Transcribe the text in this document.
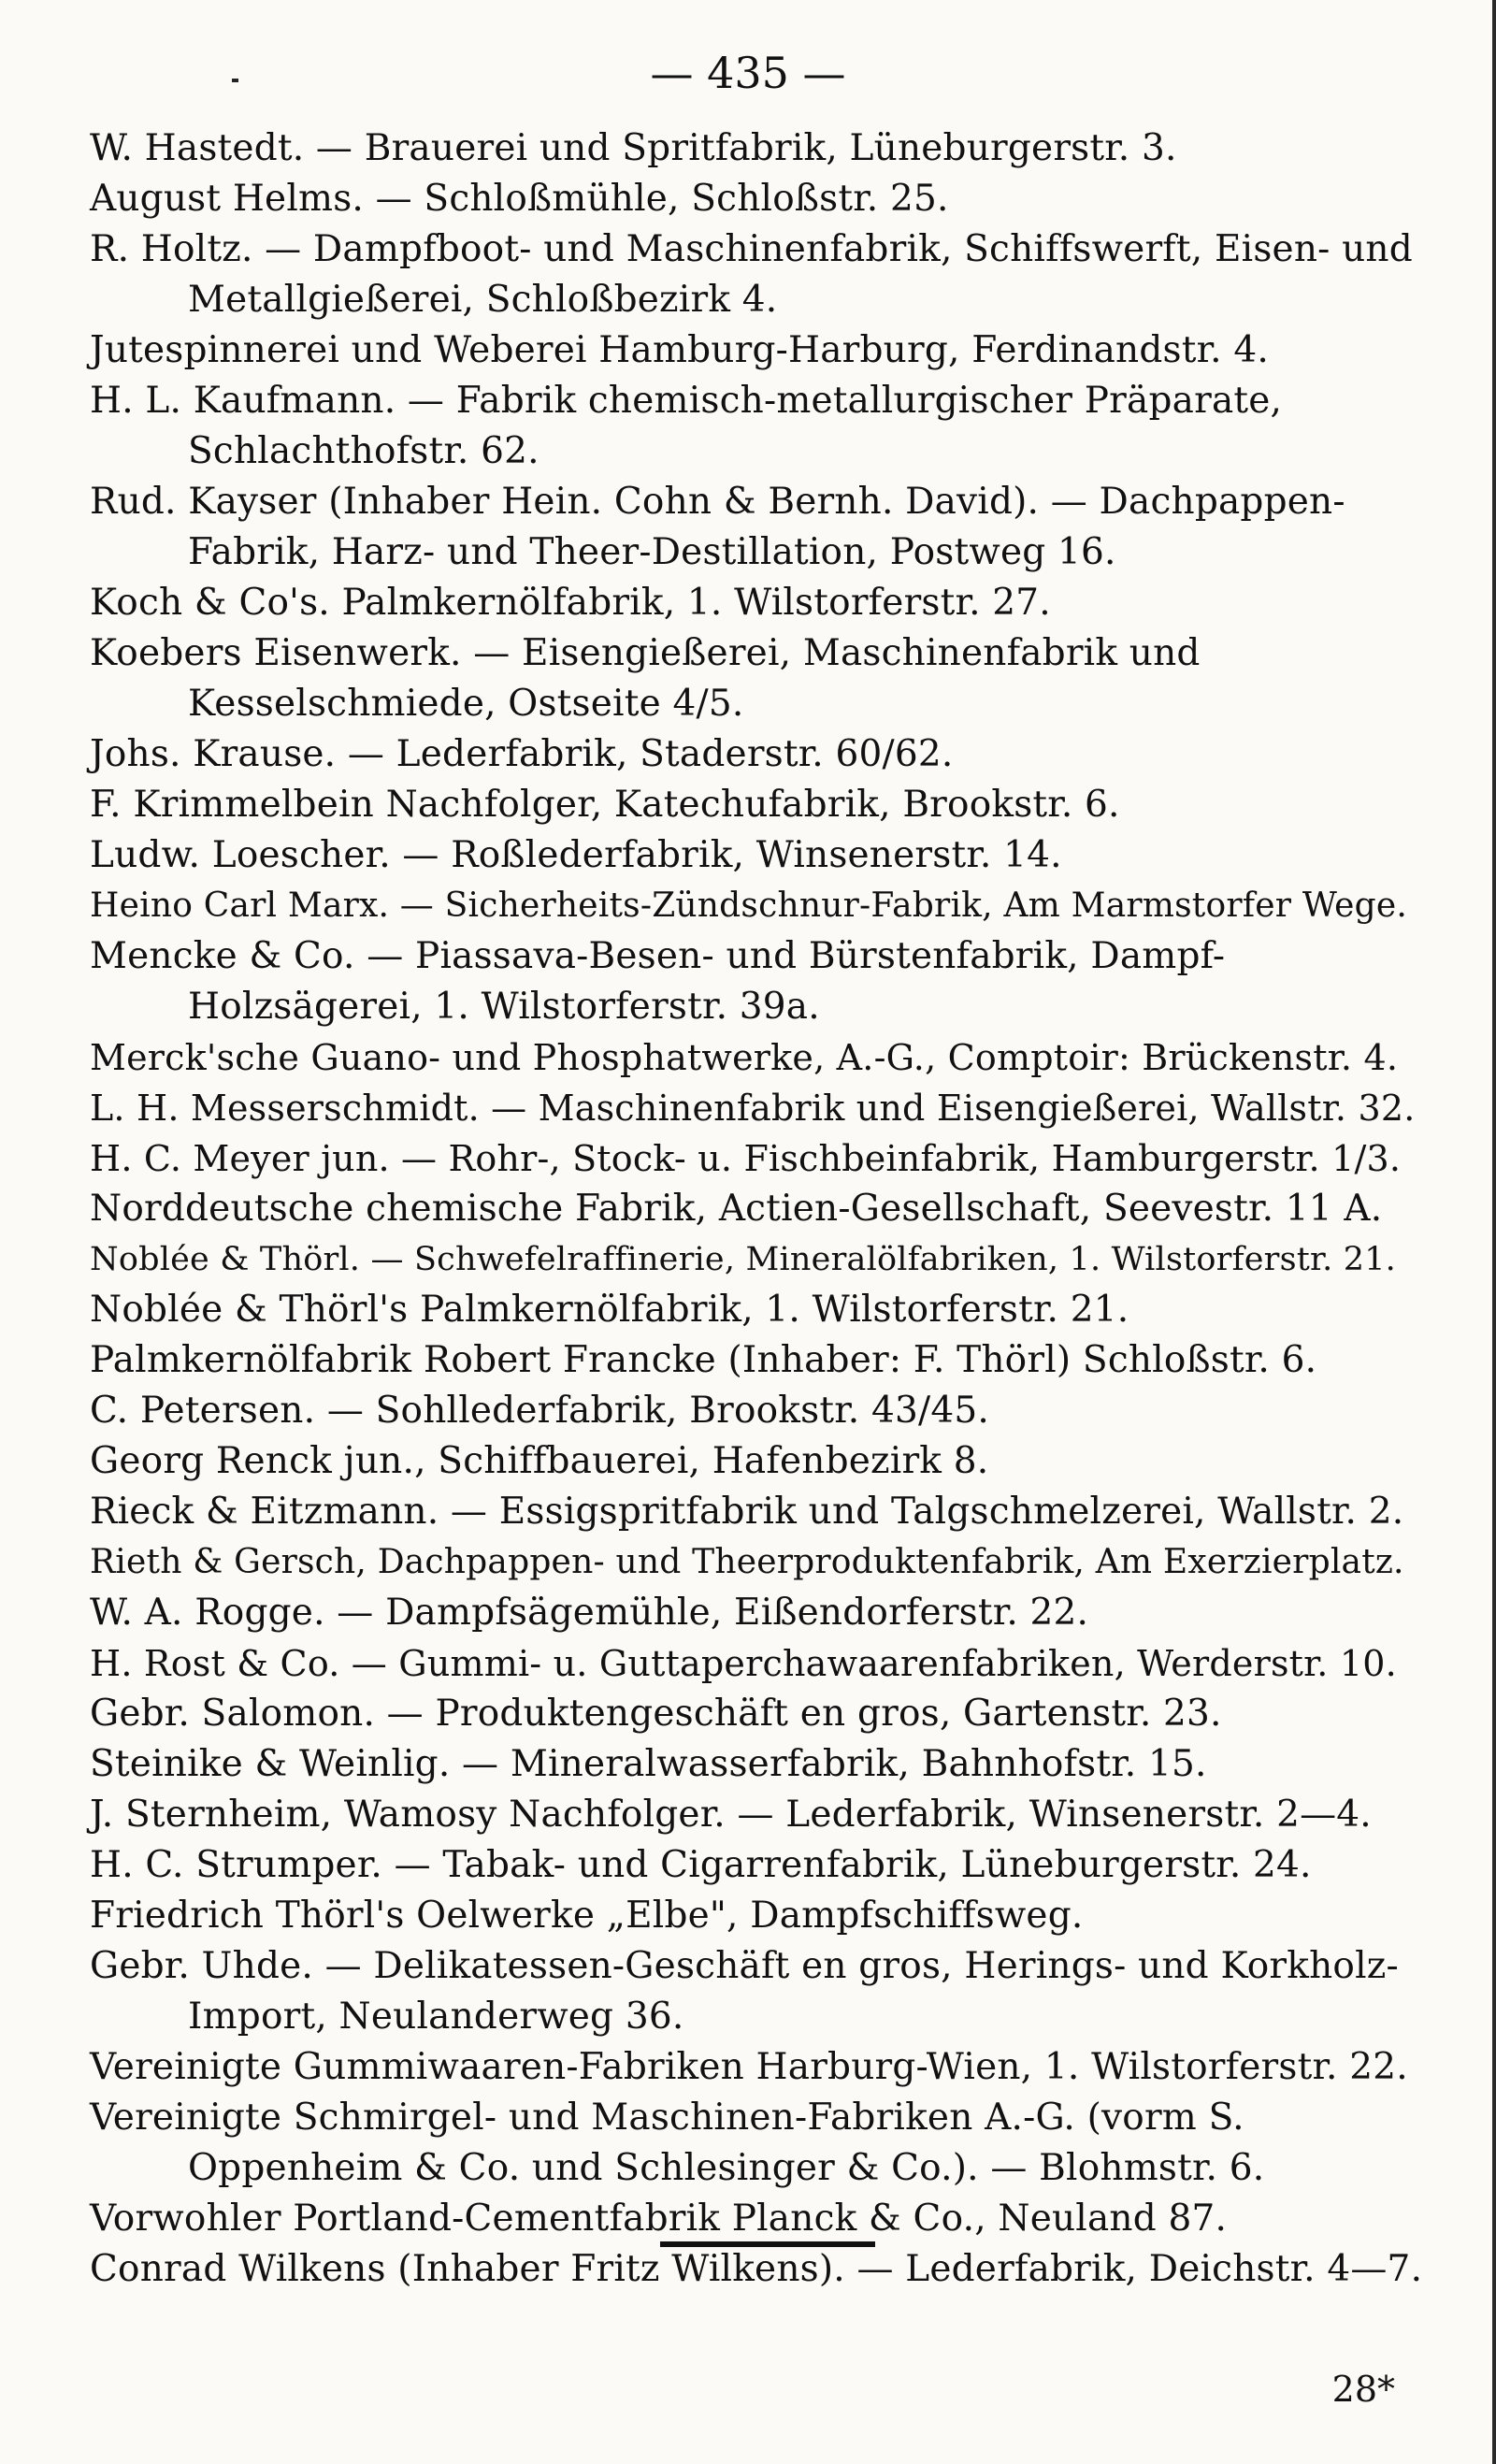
— 435 —
W. Hastedt. — Brauerei und Spritfabrik, Lüneburgerstr. 3.
August Helms. — Schloßmühle, Schloßstr. 25.
R. Holtz. — Dampfboot- und Maschinenfabrik, Schiffswerft, Eisen- und Metallgießerei, Schloßbezirk 4.
Jutespinnerei und Weberei Hamburg-Harburg, Ferdinandstr. 4.
H. L. Kaufmann. — Fabrik chemisch-metallurgischer Präparate, Schlachthofstr. 62.
Rud. Kayser (Inhaber Hein. Cohn & Bernh. David). — Dachpappen-Fabrik, Harz- und Theer-Destillation, Postweg 16.
Koch & Co's. Palmkernölfabrik, 1. Wilstorferstr. 27.
Koebers Eisenwerk. — Eisengießerei, Maschinenfabrik und Kesselschmiede, Ostseite 4/5.
Johs. Krause. — Lederfabrik, Staderstr. 60/62.
F. Krimmelbein Nachfolger, Katechufabrik, Brookstr. 6.
Ludw. Loescher. — Roßlederfabrik, Winsenerstr. 14.
Heino Carl Marx. — Sicherheits-Zündschnur-Fabrik, Am Marmstorfer Wege.
Mencke & Co. — Piassava-Besen- und Bürstenfabrik, Dampf-Holzsägerei, 1. Wilstorferstr. 39a.
Merck'sche Guano- und Phosphatwerke, A.-G., Comptoir: Brückenstr. 4.
L. H. Messerschmidt. — Maschinenfabrik und Eisengießerei, Wallstr. 32.
H. C. Meyer jun. — Rohr-, Stock- u. Fischbeinfabrik, Hamburgerstr. 1/3.
Norddeutsche chemische Fabrik, Actien-Gesellschaft, Seevestr. 11 A.
Noblée & Thörl. — Schwefelraffinerie, Mineralölfabriken, 1. Wilstorferstr. 21.
Noblée & Thörl's Palmkernölfabrik, 1. Wilstorferstr. 21.
Palmkernölfabrik Robert Francke (Inhaber: F. Thörl) Schloßstr. 6.
C. Petersen. — Sohllederfabrik, Brookstr. 43/45.
Georg Renck jun., Schiffbauerei, Hafenbezirk 8.
Rieck & Eitzmann. — Essigspritfabrik und Talgschmelzerei, Wallstr. 2.
Rieth & Gersch, Dachpappen- und Theerproduktenfabrik, Am Exerzierplatz.
W. A. Rogge. — Dampfsägemühle, Eißendorferstr. 22.
H. Rost & Co. — Gummi- u. Guttaperchawaarenfabriken, Werderstr. 10.
Gebr. Salomon. — Produktengeschäft en gros, Gartenstr. 23.
Steinike & Weinlig. — Mineralwasserfabrik, Bahnhofstr. 15.
J. Sternheim, Wamosy Nachfolger. — Lederfabrik, Winsenerstr. 2—4.
H. C. Strumper. — Tabak- und Cigarrenfabrik, Lüneburgerstr. 24.
Friedrich Thörl's Oelwerke „Elbe", Dampfschiffsweg.
Gebr. Uhde. — Delikatessen-Geschäft en gros, Herings- und Korkholz-Import, Neulanderweg 36.
Vereinigte Gummiwaaren-Fabriken Harburg-Wien, 1. Wilstorferstr. 22.
Vereinigte Schmirgel- und Maschinen-Fabriken A.-G. (vorm S. Oppenheim & Co. und Schlesinger & Co.). — Blohmstr. 6.
Vorwohler Portland-Cementfabrik Planck & Co., Neuland 87.
Conrad Wilkens (Inhaber Fritz Wilkens). — Lederfabrik, Deichstr. 4—7.
28*
